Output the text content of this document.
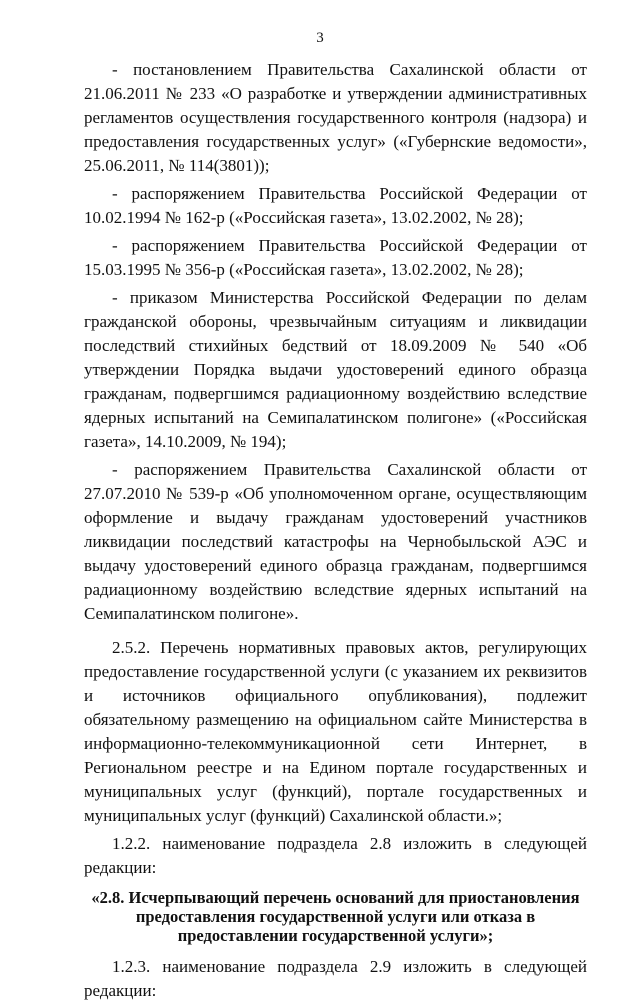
3

- постановлением Правительства Сахалинской области от 21.06.2011 № 233 «О разработке и утверждении административных регламентов осуществления государственного контроля (надзора) и предоставления государственных услуг» («Губернские ведомости», 25.06.2011, № 114(3801));

- распоряжением Правительства Российской Федерации от 10.02.1994 № 162-р («Российская газета», 13.02.2002, № 28);

- распоряжением Правительства Российской Федерации от 15.03.1995 № 356-р («Российская газета», 13.02.2002, № 28);

- приказом Министерства Российской Федерации по делам гражданской обороны, чрезвычайным ситуациям и ликвидации последствий стихийных бедствий от 18.09.2009 № 540 «Об утверждении Порядка выдачи удостоверений единого образца гражданам, подвергшимся радиационному воздействию вследствие ядерных испытаний на Семипалатинском полигоне» («Российская газета», 14.10.2009, № 194);

- распоряжением Правительства Сахалинской области от 27.07.2010 № 539-р «Об уполномоченном органе, осуществляющим оформление и выдачу гражданам удостоверений участников ликвидации последствий катастрофы на Чернобыльской АЭС и выдачу удостоверений единого образца гражданам, подвергшимся радиационному воздействию вследствие ядерных испытаний на Семипалатинском полигоне».

2.5.2. Перечень нормативных правовых актов, регулирующих предоставление государственной услуги (с указанием их реквизитов и источников официального опубликования), подлежит обязательному размещению на официальном сайте Министерства в информационно-телекоммуникационной сети Интернет, в Региональном реестре и на Едином портале государственных и муниципальных услуг (функций), портале государственных и муниципальных услуг (функций) Сахалинской области.»;

1.2.2. наименование подраздела 2.8 изложить в следующей редакции:

«2.8. Исчерпывающий перечень оснований для приостановления предоставления государственной услуги или отказа в предоставлении государственной услуги»;

1.2.3. наименование подраздела 2.9 изложить в следующей редакции:
